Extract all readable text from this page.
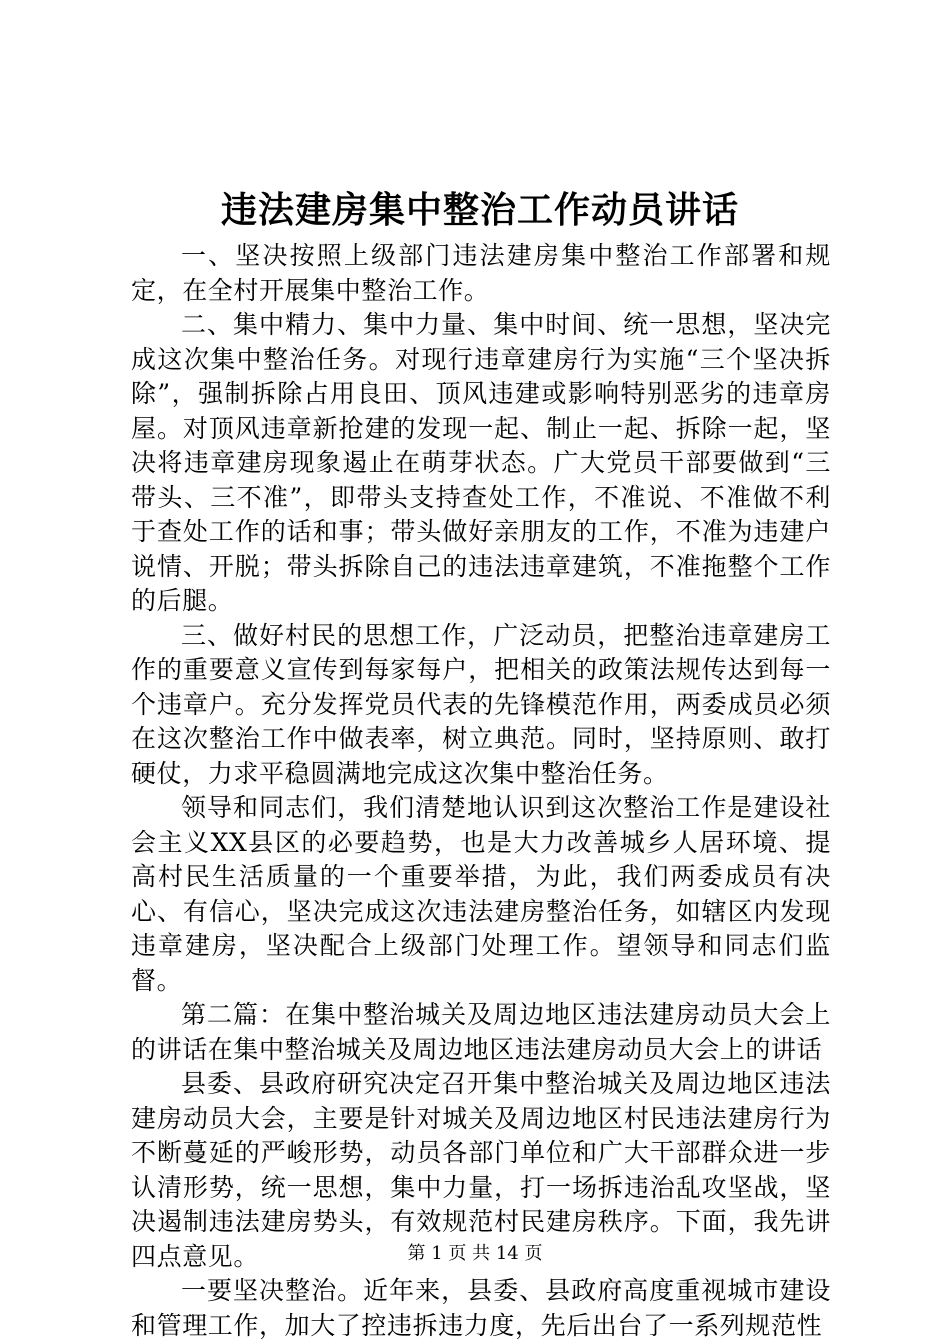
违法建房集中整治工作动员讲话

一、坚决按照上级部门违法建房集中整治工作部署和规定，在全村开展集中整治工作。

二、集中精力、集中力量、集中时间、统一思想，坚决完成这次集中整治任务。对现行违章建房行为实施“三个坚决拆除”，强制拆除占用良田、顶风违建或影响特别恶劣的违章房屋。对顶风违章新抢建的发现一起、制止一起、拆除一起，坚决将违章建房现象遏止在萌芽状态。广大党员干部要做到“三带头、三不准”，即带头支持查处工作，不准说、不准做不利于查处工作的话和事；带头做好亲朋友的工作，不准为违建户说情、开脱；带头拆除自己的违法违章建筑，不准拖整个工作的后腿。

三、做好村民的思想工作，广泛动员，把整治违章建房工作的重要意义宣传到每家每户，把相关的政策法规传达到每一个违章户。充分发挥党员代表的先锋模范作用，两委成员必须在这次整治工作中做表率，树立典范。同时，坚持原则、敢打硬仗，力求平稳圆满地完成这次集中整治任务。

领导和同志们，我们清楚地认识到这次整治工作是建设社会主义XX县区的必要趋势，也是大力改善城乡人居环境、提高村民生活质量的一个重要举措，为此，我们两委成员有决心、有信心，坚决完成这次违法建房整治任务，如辖区内发现违章建房，坚决配合上级部门处理工作。望领导和同志们监督。

第二篇：在集中整治城关及周边地区违法建房动员大会上的讲话在集中整治城关及周边地区违法建房动员大会上的讲话

县委、县政府研究决定召开集中整治城关及周边地区违法建房动员大会，主要是针对城关及周边地区村民违法建房行为不断蔓延的严峻形势，动员各部门单位和广大干部群众进一步认清形势，统一思想，集中力量，打一场拆违治乱攻坚战，坚决遏制违法建房势头，有效规范村民建房秩序。下面，我先讲四点意见。

一要坚决整治。近年来，县委、县政府高度重视城市建设和管理工作，加大了控违拆违力度，先后出台了一系列规范性

第 1 页 共 14 页
